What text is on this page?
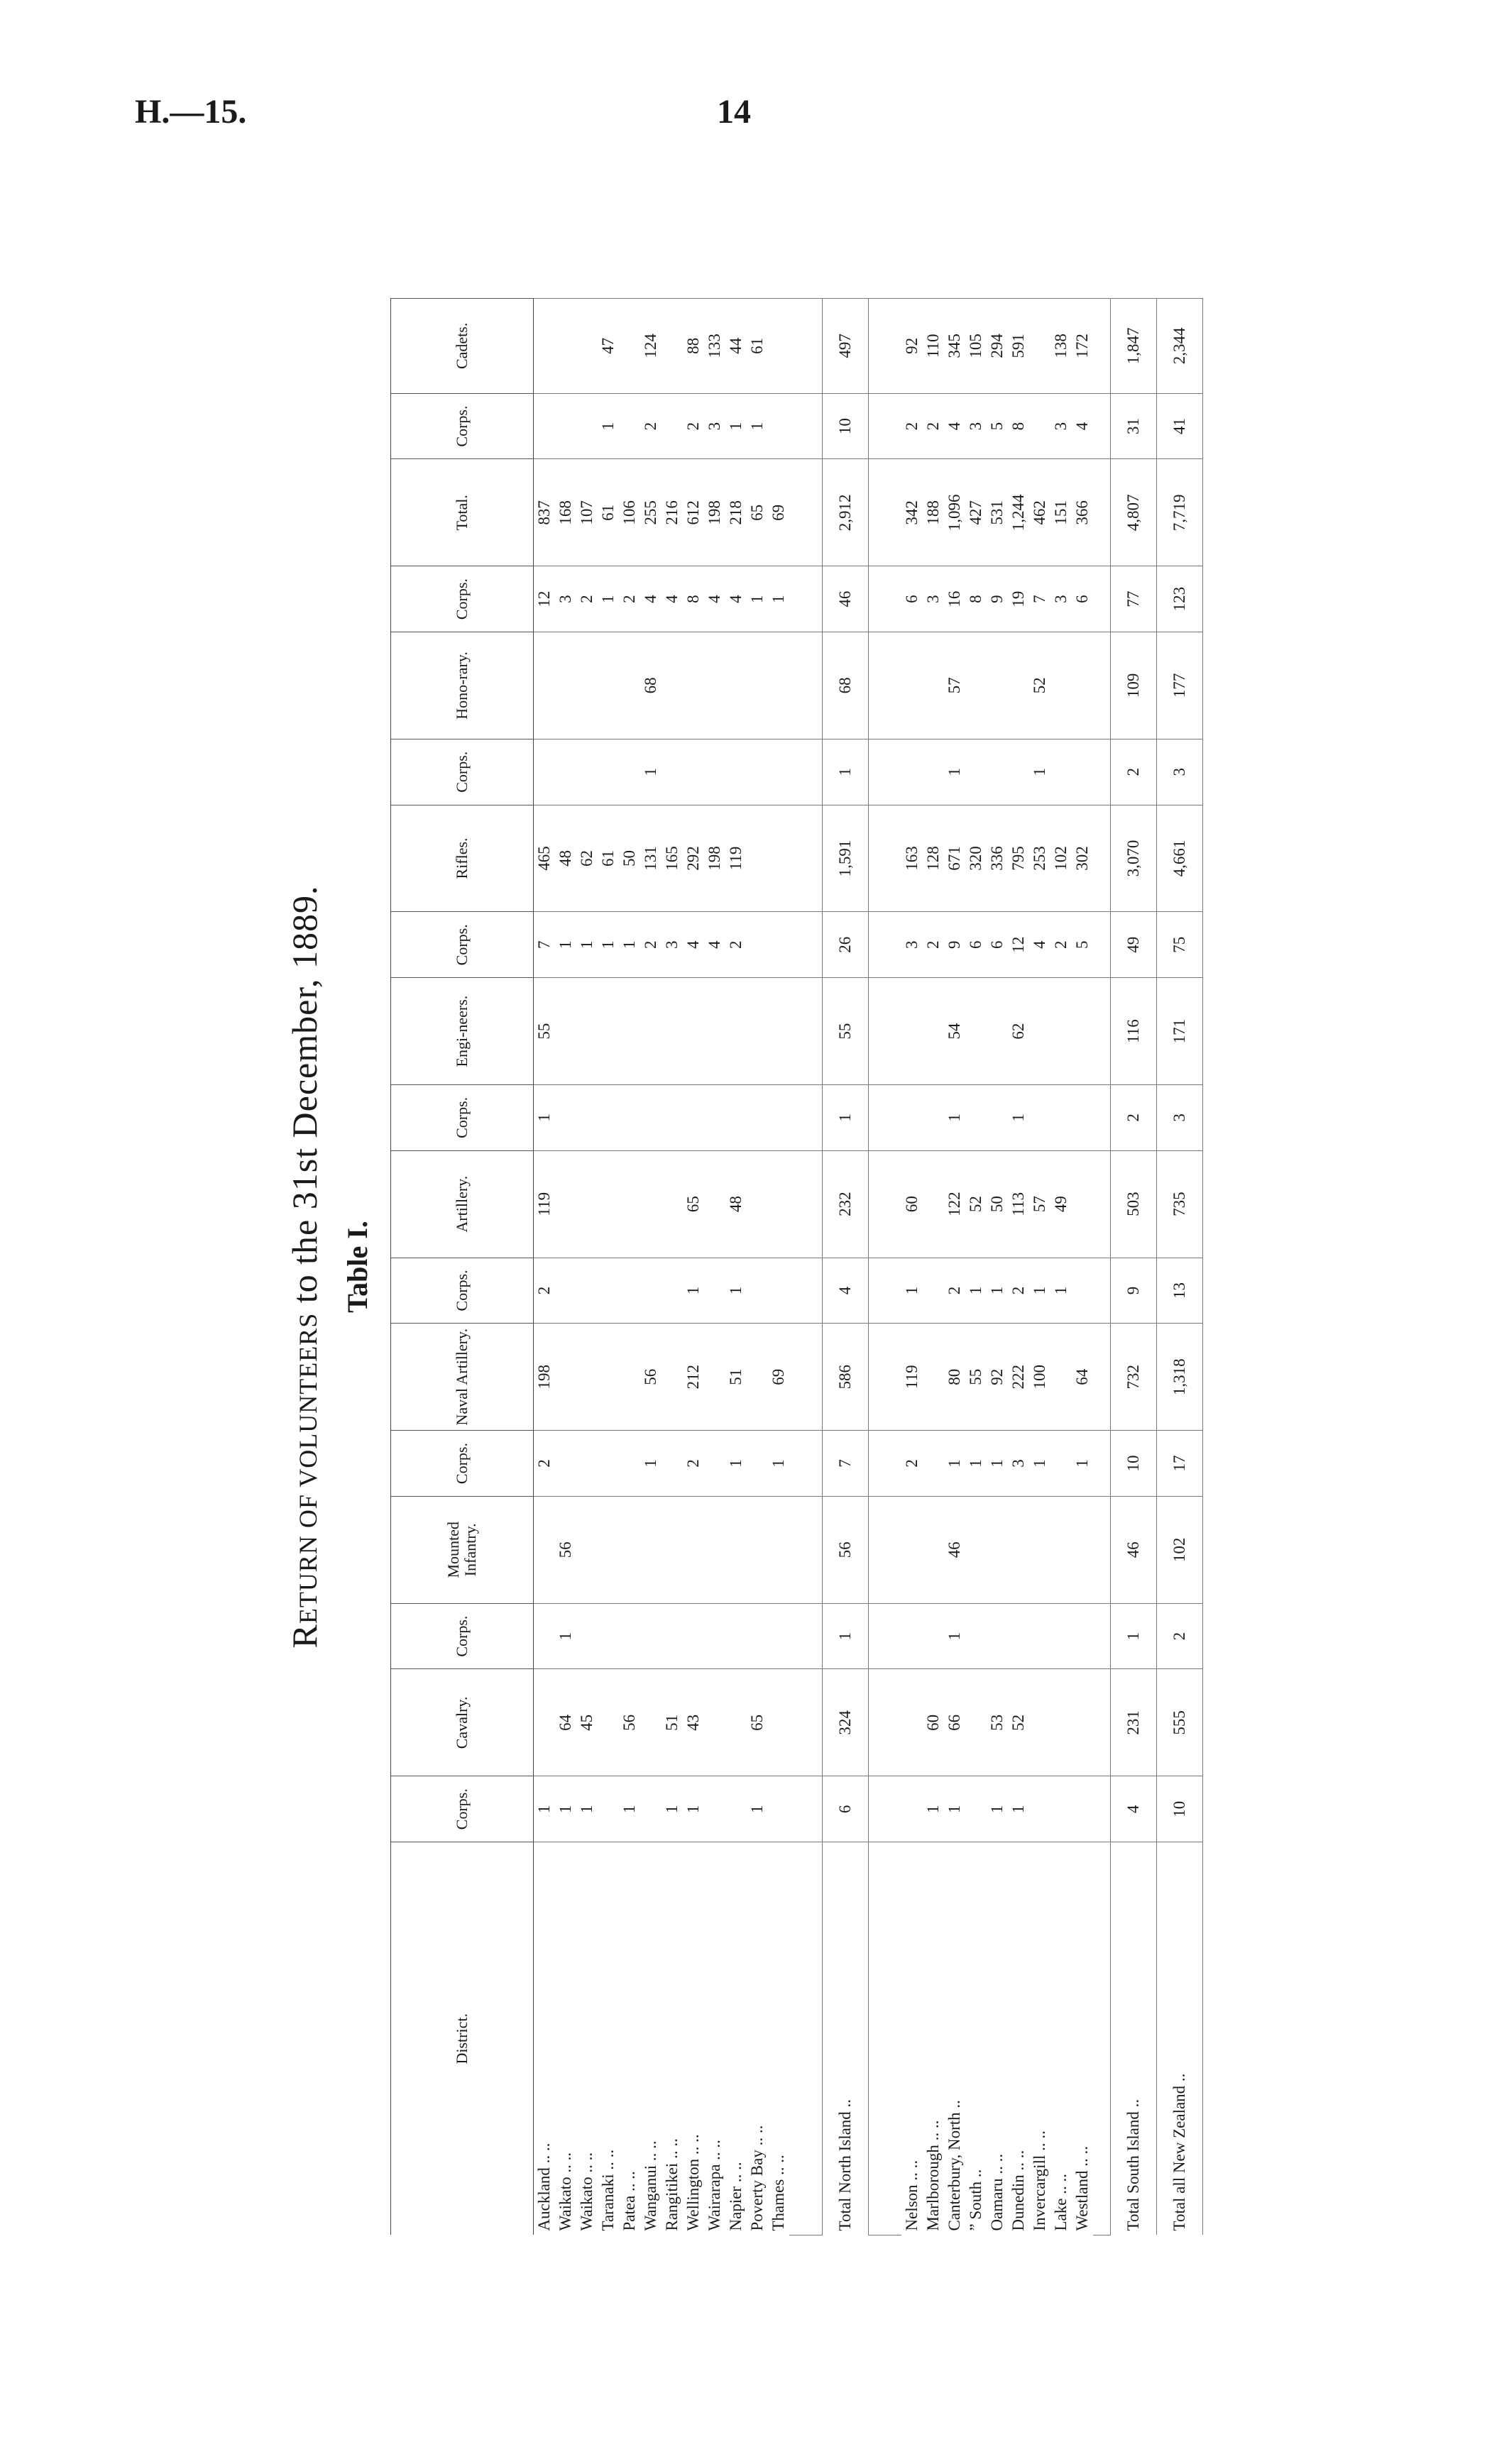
H.—15.	14
RETURN OF VOLUNTEERS to the 31st December, 1889. Table I.
District.	Corps.	Cavalry.	Corps.	Mounted Infantry.	Corps.	Naval Artillery.	Corps.	Artillery.	Corps.	Engi-neers.	Corps.	Rifles.	Corps.	Hono-rary.	Corps.	Total.	Corps.	Cadets.
Auckland .. ..	1				2	198	2	119	1	55	7	465			12	837		
Waikato .. ..	1	64	1	56							1	48			3	168		
Waikato .. ..	1	45									1	62			2	107		
Taranaki .. ..											1	61			1	61	1	47
Patea .. ..	1	56									1	50			2	106		
Wanganui .. ..					1	56					2	131	1	68	4	255	2	124
Rangitikei .. ..	1	51									3	165			4	216		
Wellington .. ..	1	43			2	212	1	65			4	292			8	612	2	88
Wairarapa .. ..											4	198			4	198	3	133
Napier .. ..					1	51	1	48			2	119			4	218	1	44
Poverty Bay .. ..	1	65													1	65	1	61
Thames .. ..					1	69									1	69		

Total North Island ..	6	324	1	56	7	586	4	232	1	55	26	1,591	1	68	46	2,912	10	497

Nelson .. ..					2	119	1	60			3	163			6	342	2	92
Marlborough .. ..	1	60									2	128			3	188	2	110
Canterbury, North ..	1	66	1	46	1	80	2	122	1	54	9	671	1	57	16	1,096	4	345
” South ..					1	55	1	52			6	320			8	427	3	105
Oamaru .. ..	1	53			1	92	1	50			6	336			9	531	5	294
Dunedin .. ..	1	52			3	222	2	113	1	62	12	795			19	1,244	8	591
Invercargill .. ..					1	100	1	57			4	253	1	52	7	462		
Lake .. ..							1	49			2	102			3	151	3	138
Westland .. ..					1	64					5	302			6	366	4	172

Total South Island ..	4	231	1	46	10	732	9	503	2	116	49	3,070	2	109	77	4,807	31	1,847
Total all New Zealand ..	10	555	2	102	17	1,318	13	735	3	171	75	4,661	3	177	123	7,719	41	2,344
